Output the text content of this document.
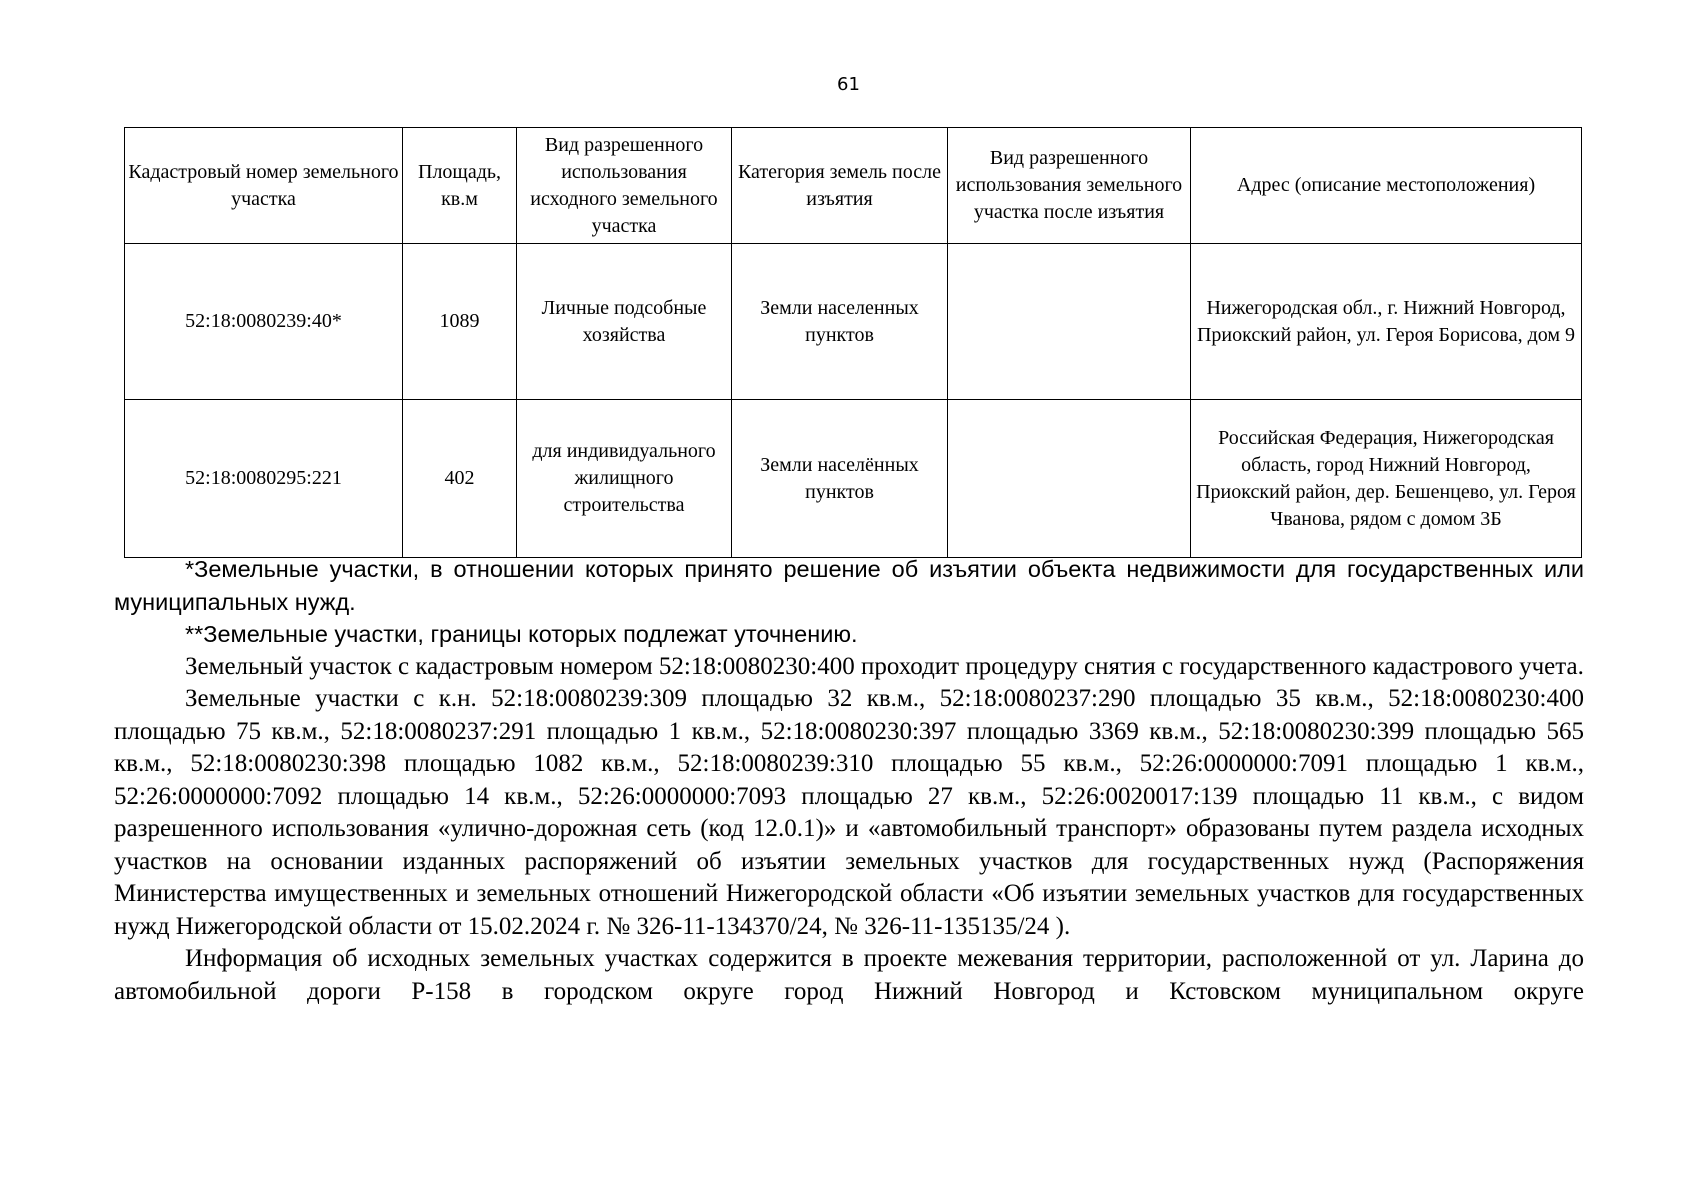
61
Кадастровый номер земельного участка	Площадь, кв.м	Вид разрешенного использования исходного земельного участка	Категория земель после изъятия	Вид разрешенного использования земельного участка после изъятия	Адрес (описание местоположения)
52:18:0080239:40*	1089	Личные подсобные хозяйства	Земли населенных пунктов		Нижегородская обл., г. Нижний Новгород, Приокский район, ул. Героя Борисова, дом 9
52:18:0080295:221	402	для индивидуального жилищного строительства	Земли населённых пунктов		Российская Федерация, Нижегородская область, город Нижний Новгород, Приокский район, дер. Бешенцево, ул. Героя Чванова, рядом с домом 3Б

*Земельные участки, в отношении которых принято решение об изъятии объекта недвижимости для государственных или муниципальных нужд.

**Земельные участки, границы которых подлежат уточнению.

Земельный участок с кадастровым номером 52:18:0080230:400 проходит процедуру снятия с государственного кадастрового учета.

Земельные участки с к.н. 52:18:0080239:309 площадью 32 кв.м., 52:18:0080237:290 площадью 35 кв.м., 52:18:0080230:400 площадью 75 кв.м., 52:18:0080237:291 площадью 1 кв.м., 52:18:0080230:397 площадью 3369 кв.м., 52:18:0080230:399 площадью 565 кв.м., 52:18:0080230:398 площадью 1082 кв.м., 52:18:0080239:310 площадью 55 кв.м., 52:26:0000000:7091 площадью 1 кв.м., 52:26:0000000:7092 площадью 14 кв.м., 52:26:0000000:7093 площадью 27 кв.м., 52:26:0020017:139 площадью 11 кв.м., с видом разрешенного использования «улично-дорожная сеть (код 12.0.1)» и «автомобильный транспорт» образованы путем раздела исходных участков на основании изданных распоряжений об изъятии земельных участков для государственных нужд (Распоряжения Министерства имущественных и земельных отношений Нижегородской области «Об изъятии земельных участков для государственных нужд Нижегородской области от 15.02.2024 г. № 326-11-134370/24, № 326-11-135135/24 ).

Информация об исходных земельных участках содержится в проекте межевания территории, расположенной от ул. Ларина до автомобильной дороги Р-158 в городском округе город Нижний Новгород и Кстовском муниципальном округе
